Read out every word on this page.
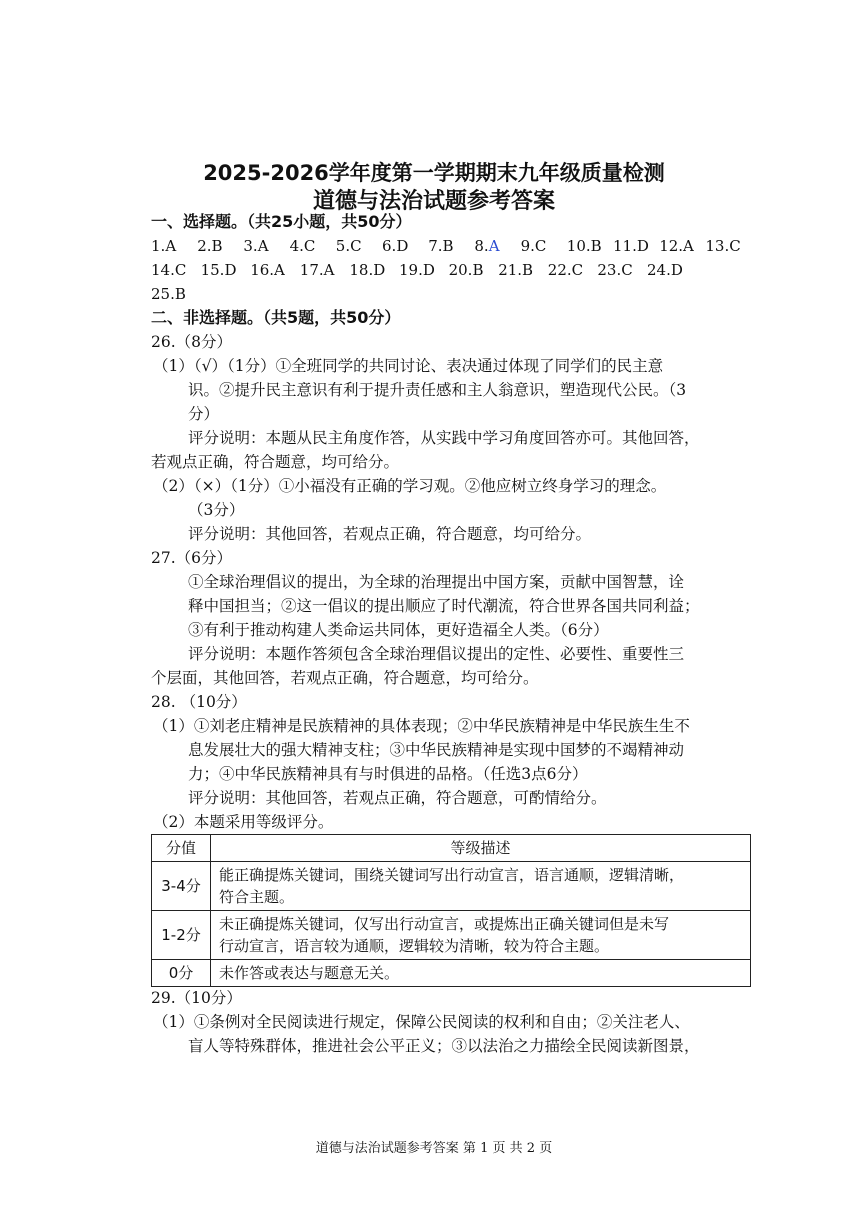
2025-2026学年度第一学期期末九年级质量检测
道德与法治试题参考答案
一、选择题。（共25小题，共50分）
1.A 2.B 3.A 4.C 5.C 6.D 7.B 8.A 9.C 10.B 11.D 12.A 13.C
14.C 15.D 16.A 17.A 18.D 19.D 20.B 21.B 22.C 23.C 24.D
25.B
二、非选择题。（共5题，共50分）
26.（8分）
（1）（√）（1分）①全班同学的共同讨论、表决通过体现了同学们的民主意
识。②提升民主意识有利于提升责任感和主人翁意识，塑造现代公民。（3
分）
评分说明：本题从民主角度作答，从实践中学习角度回答亦可。其他回答，
若观点正确，符合题意，均可给分。
（2）（×）（1分）①小福没有正确的学习观。②他应树立终身学习的理念。
（3分）
评分说明：其他回答，若观点正确，符合题意，均可给分。
27.（6分）
①全球治理倡议的提出，为全球的治理提出中国方案，贡献中国智慧，诠
释中国担当；②这一倡议的提出顺应了时代潮流，符合世界各国共同利益；
③有利于推动构建人类命运共同体，更好造福全人类。（6分）
评分说明：本题作答须包含全球治理倡议提出的定性、必要性、重要性三
个层面，其他回答，若观点正确，符合题意，均可给分。
28. （10分）
（1）①刘老庄精神是民族精神的具体表现；②中华民族精神是中华民族生生不
息发展壮大的强大精神支柱；③中华民族精神是实现中国梦的不竭精神动
力；④中华民族精神具有与时俱进的品格。（任选3点6分）
评分说明：其他回答，若观点正确，符合题意，可酌情给分。
（2）本题采用等级评分。
分值	等级描述
3-4分	能正确提炼关键词，围绕关键词写出行动宣言，语言通顺，逻辑清晰，
符合主题。

1-2分	未正确提炼关键词，仅写出行动宣言，或提炼出正确关键词但是未写
行动宣言，语言较为通顺，逻辑较为清晰，较为符合主题。

0分	未作答或表达与题意无关。
29.（10分）
（1）①条例对全民阅读进行规定，保障公民阅读的权利和自由；②关注老人、
盲人等特殊群体，推进社会公平正义；③以法治之力描绘全民阅读新图景，
道德与法治试题参考答案 第 1 页 共 2 页
